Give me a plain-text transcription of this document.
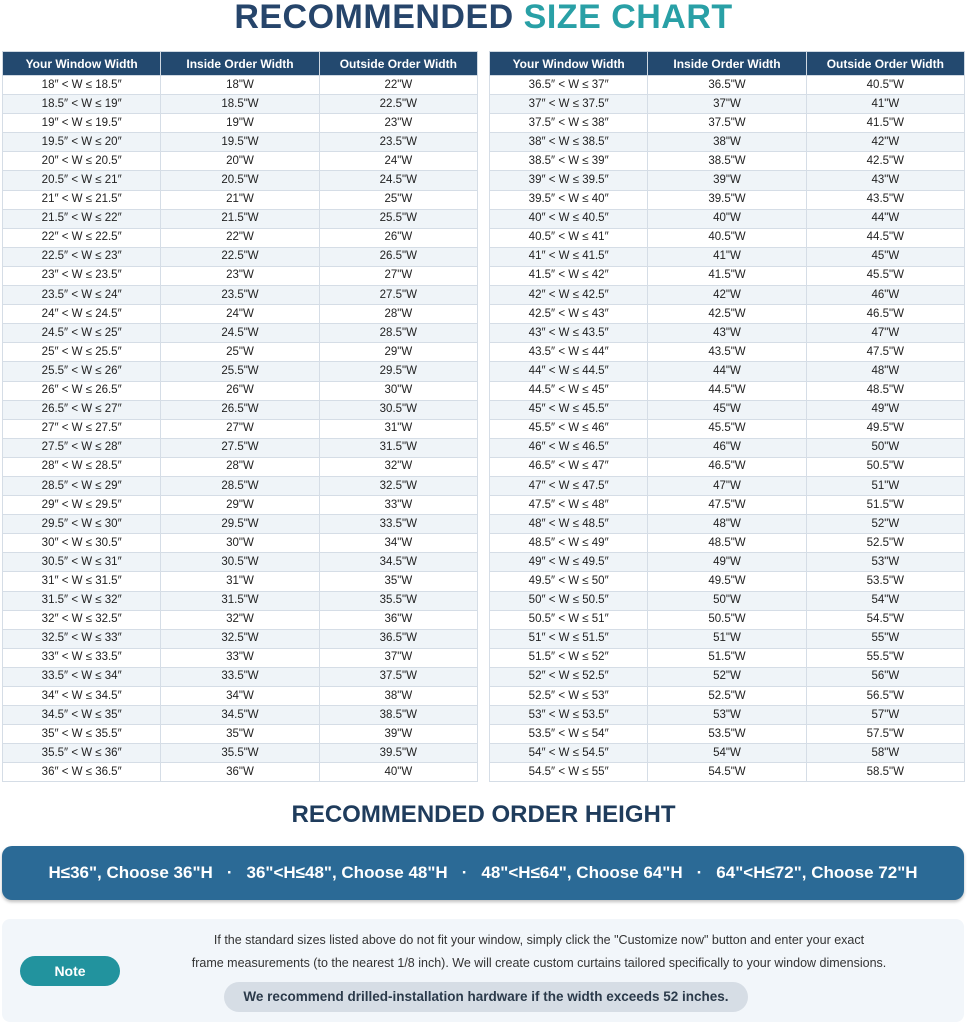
RECOMMENDED SIZE CHART
Your Window Width	Inside Order Width	Outside Order Width
18″ < W ≤ 18.5″	18"W	22"W
18.5″ < W ≤ 19″	18.5"W	22.5"W
19″ < W ≤ 19.5″	19"W	23"W
19.5″ < W ≤ 20″	19.5"W	23.5"W
20″ < W ≤ 20.5″	20"W	24"W
20.5″ < W ≤ 21″	20.5"W	24.5"W
21″ < W ≤ 21.5″	21"W	25"W
21.5″ < W ≤ 22″	21.5"W	25.5"W
22″ < W ≤ 22.5″	22"W	26"W
22.5″ < W ≤ 23″	22.5"W	26.5"W
23″ < W ≤ 23.5″	23"W	27"W
23.5″ < W ≤ 24″	23.5"W	27.5"W
24″ < W ≤ 24.5″	24"W	28"W
24.5″ < W ≤ 25″	24.5"W	28.5"W
25″ < W ≤ 25.5″	25"W	29"W
25.5″ < W ≤ 26″	25.5"W	29.5"W
26″ < W ≤ 26.5″	26"W	30"W
26.5″ < W ≤ 27″	26.5"W	30.5"W
27″ < W ≤ 27.5″	27"W	31"W
27.5″ < W ≤ 28″	27.5"W	31.5"W
28″ < W ≤ 28.5″	28"W	32"W
28.5″ < W ≤ 29″	28.5"W	32.5"W
29″ < W ≤ 29.5″	29"W	33"W
29.5″ < W ≤ 30″	29.5"W	33.5"W
30″ < W ≤ 30.5″	30"W	34"W
30.5″ < W ≤ 31″	30.5"W	34.5"W
31″ < W ≤ 31.5″	31"W	35"W
31.5″ < W ≤ 32″	31.5"W	35.5"W
32″ < W ≤ 32.5″	32"W	36"W
32.5″ < W ≤ 33″	32.5"W	36.5"W
33″ < W ≤ 33.5″	33"W	37"W
33.5″ < W ≤ 34″	33.5"W	37.5"W
34″ < W ≤ 34.5″	34"W	38"W
34.5″ < W ≤ 35″	34.5"W	38.5"W
35″ < W ≤ 35.5″	35"W	39"W
35.5″ < W ≤ 36″	35.5"W	39.5"W
36″ < W ≤ 36.5″	36"W	40"W
Your Window Width	Inside Order Width	Outside Order Width
36.5″ < W ≤ 37″	36.5"W	40.5"W
37″ < W ≤ 37.5″	37"W	41"W
37.5″ < W ≤ 38″	37.5"W	41.5"W
38″ < W ≤ 38.5″	38"W	42"W
38.5″ < W ≤ 39″	38.5"W	42.5"W
39″ < W ≤ 39.5″	39"W	43"W
39.5″ < W ≤ 40″	39.5"W	43.5"W
40″ < W ≤ 40.5″	40"W	44"W
40.5″ < W ≤ 41″	40.5"W	44.5"W
41″ < W ≤ 41.5″	41"W	45"W
41.5″ < W ≤ 42″	41.5"W	45.5"W
42″ < W ≤ 42.5″	42"W	46"W
42.5″ < W ≤ 43″	42.5"W	46.5"W
43″ < W ≤ 43.5″	43"W	47"W
43.5″ < W ≤ 44″	43.5"W	47.5"W
44″ < W ≤ 44.5″	44"W	48"W
44.5″ < W ≤ 45″	44.5"W	48.5"W
45″ < W ≤ 45.5″	45"W	49"W
45.5″ < W ≤ 46″	45.5"W	49.5"W
46″ < W ≤ 46.5″	46"W	50"W
46.5″ < W ≤ 47″	46.5"W	50.5"W
47″ < W ≤ 47.5″	47"W	51"W
47.5″ < W ≤ 48″	47.5"W	51.5"W
48″ < W ≤ 48.5″	48"W	52"W
48.5″ < W ≤ 49″	48.5"W	52.5"W
49″ < W ≤ 49.5″	49"W	53"W
49.5″ < W ≤ 50″	49.5"W	53.5"W
50″ < W ≤ 50.5″	50"W	54"W
50.5″ < W ≤ 51″	50.5"W	54.5"W
51″ < W ≤ 51.5″	51"W	55"W
51.5″ < W ≤ 52″	51.5"W	55.5"W
52″ < W ≤ 52.5″	52"W	56"W
52.5″ < W ≤ 53″	52.5"W	56.5"W
53″ < W ≤ 53.5″	53"W	57"W
53.5″ < W ≤ 54″	53.5"W	57.5"W
54″ < W ≤ 54.5″	54"W	58"W
54.5″ < W ≤ 55″	54.5"W	58.5"W
RECOMMENDED ORDER HEIGHT
H≤36", Choose 36"H · 36"<H≤48", Choose 48"H · 48"<H≤64", Choose 64"H · 64"<H≤72", Choose 72"H
Note
If the standard sizes listed above do not fit your window, simply click the "Customize now" button and enter your exact
frame measurements (to the nearest 1/8 inch). We will create custom curtains tailored specifically to your window dimensions.
We recommend drilled-installation hardware if the width exceeds 52 inches.
